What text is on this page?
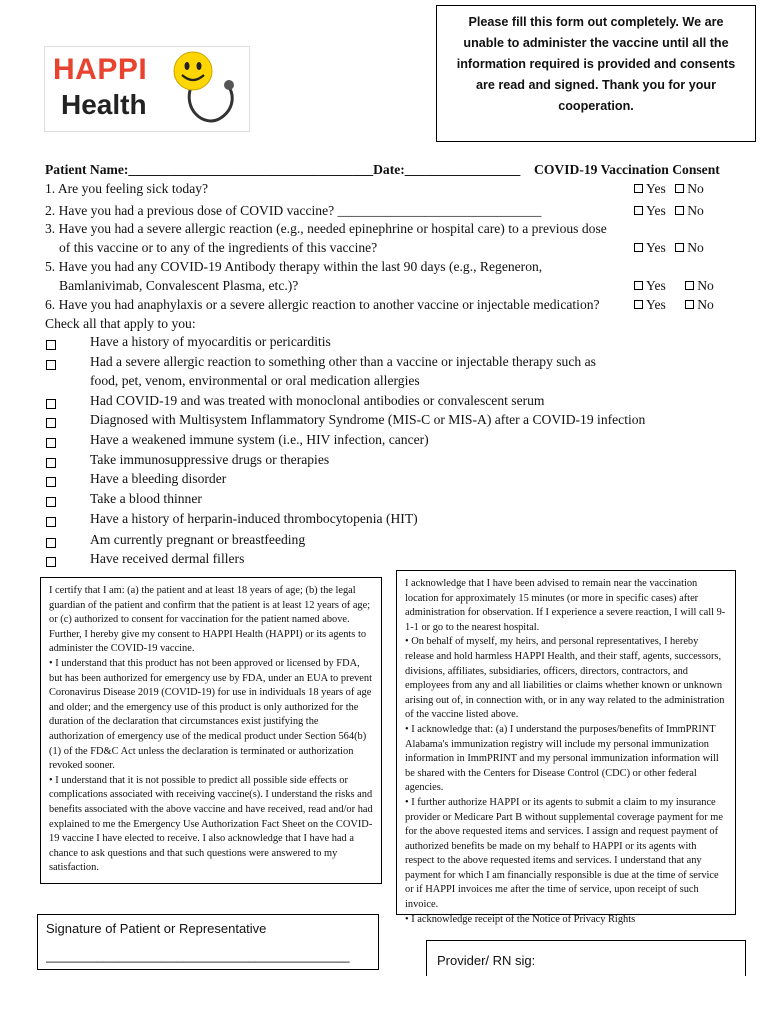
HAPPI
Health
Please fill this form out completely. We are unable to administer the vaccine until all the information required is provided and consents are read and signed. Thank you for your cooperation.
Patient Name:____________________________________Date:_________________ COVID-19 Vaccination Consent
1. Are you feeling sick today?	Yes No
2. Have you had a previous dose of COVID vaccine? ______________________________	Yes No
3. Have you had a severe allergic reaction (e.g., needed epinephrine or hospital care) to a previous dose
of this vaccine or to any of the ingredients of this vaccine?	Yes No
5. Have you had any COVID-19 Antibody therapy within the last 90 days (e.g., Regeneron,
Bamlanivimab, Convalescent Plasma, etc.)?	Yes No
6. Have you had anaphylaxis or a severe allergic reaction to another vaccine or injectable medication?	Yes No
Check all that apply to you:
Have a history of myocarditis or pericarditis
Had a severe allergic reaction to something other than a vaccine or injectable therapy such as
food, pet, venom, environmental or oral medication allergies
Had COVID-19 and was treated with monoclonal antibodies or convalescent serum
Diagnosed with Multisystem Inflammatory Syndrome (MIS-C or MIS-A) after a COVID-19 infection
Have a weakened immune system (i.e., HIV infection, cancer)
Take immunosuppressive drugs or therapies
Have a bleeding disorder
Take a blood thinner
Have a history of herparin-induced thrombocytopenia (HIT)
Am currently pregnant or breastfeeding
Have received dermal fillers

I certify that I am: (a) the patient and at least 18 years of age; (b) the legal guardian of the patient and confirm that the patient is at least 12 years of age; or (c) authorized to consent for vaccination for the patient named above. Further, I hereby give my consent to HAPPI Health (HAPPI) or its agents to administer the COVID-19 vaccine.

• I understand that this product has not been approved or licensed by FDA, but has been authorized for emergency use by FDA, under an EUA to prevent Coronavirus Disease 2019 (COVID-19) for use in individuals 18 years of age and older; and the emergency use of this product is only authorized for the duration of the declaration that circumstances exist justifying the authorization of emergency use of the medical product under Section 564(b)(1) of the FD&C Act unless the declaration is terminated or authorization revoked sooner.

• I understand that it is not possible to predict all possible side effects or complications associated with receiving vaccine(s). I understand the risks and benefits associated with the above vaccine and have received, read and/or had explained to me the Emergency Use Authorization Fact Sheet on the COVID-19 vaccine I have elected to receive. I also acknowledge that I have had a chance to ask questions and that such questions were answered to my satisfaction.

I acknowledge that I have been advised to remain near the vaccination location for approximately 15 minutes (or more in specific cases) after administration for observation. If I experience a severe reaction, I will call 9-1-1 or go to the nearest hospital.

• On behalf of myself, my heirs, and personal representatives, I hereby release and hold harmless HAPPI Health, and their staff, agents, successors, divisions, affiliates, subsidiaries, officers, directors, contractors, and employees from any and all liabilities or claims whether known or unknown arising out of, in connection with, or in any way related to the administration of the vaccine listed above.

• I acknowledge that: (a) I understand the purposes/benefits of ImmPRINT Alabama's immunization registry will include my personal immunization information in ImmPRINT and my personal immunization information will be shared with the Centers for Disease Control (CDC) or other federal agencies.

• I further authorize HAPPI or its agents to submit a claim to my insurance provider or Medicare Part B without supplemental coverage payment for me for the above requested items and services. I assign and request payment of authorized benefits be made on my behalf to HAPPI or its agents with respect to the above requested items and services. I understand that any payment for which I am financially responsible is due at the time of service or if HAPPI invoices me after the time of service, upon receipt of such invoice.

• I acknowledge receipt of the Notice of Privacy Rights

Signature of Patient or Representative
__________________________________________	Provider/ RN sig:
